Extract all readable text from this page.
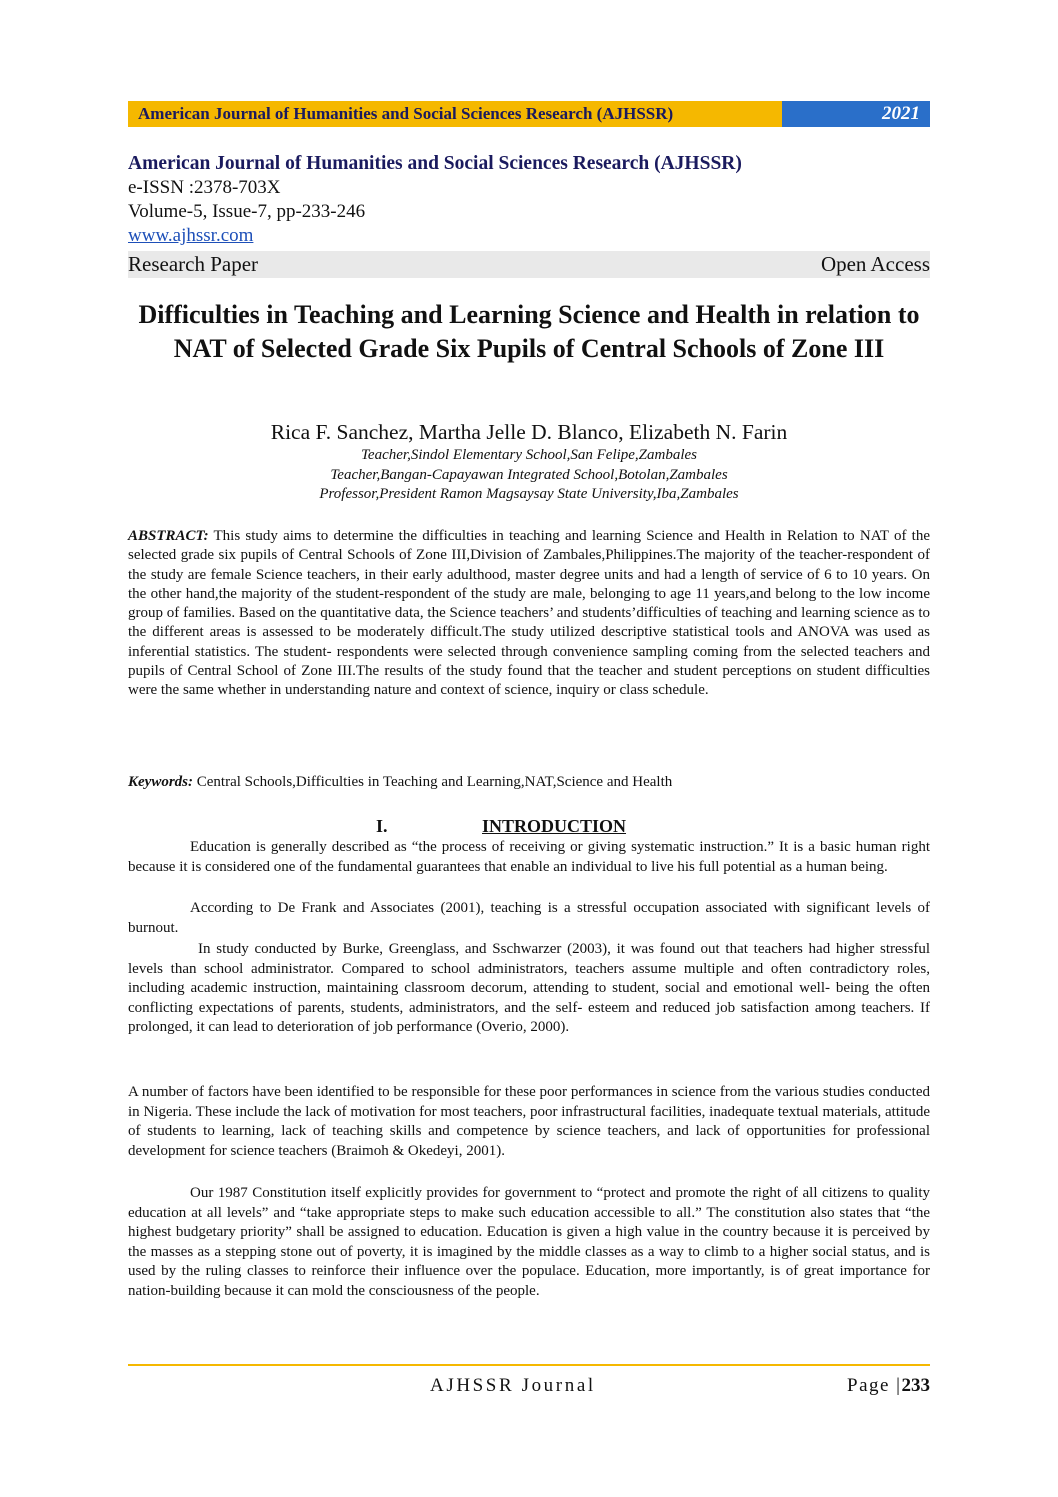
American Journal of Humanities and Social Sciences Research (AJHSSR)	2021
American Journal of Humanities and Social Sciences Research (AJHSSR)
e-ISSN :2378-703X
Volume-5, Issue-7, pp-233-246
www.ajhssr.com
Research Paper	Open Access
Difficulties in Teaching and Learning Science and Health in relation to NAT of Selected Grade Six Pupils of Central Schools of Zone III
Rica F. Sanchez, Martha Jelle D. Blanco, Elizabeth N. Farin
Teacher,Sindol Elementary School,San Felipe,Zambales
Teacher,Bangan-Capayawan Integrated School,Botolan,Zambales
Professor,President Ramon Magsaysay State University,Iba,Zambales
ABSTRACT: This study aims to determine the difficulties in teaching and learning Science and Health in Relation to NAT of the selected grade six pupils of Central Schools of Zone III,Division of Zambales,Philippines.The majority of the teacher-respondent of the study are female Science teachers, in their early adulthood, master degree units and had a length of service of 6 to 10 years. On the other hand,the majority of the student-respondent of the study are male, belonging to age 11 years,and belong to the low income group of families. Based on the quantitative data, the Science teachers’ and students’difficulties of teaching and learning science as to the different areas is assessed to be moderately difficult.The study utilized descriptive statistical tools and ANOVA was used as inferential statistics. The student- respondents were selected through convenience sampling coming from the selected teachers and pupils of Central School of Zone III.The results of the study found that the teacher and student perceptions on student difficulties were the same whether in understanding nature and context of science, inquiry or class schedule.
Keywords: Central Schools,Difficulties in Teaching and Learning,NAT,Science and Health
I.	INTRODUCTION
Education is generally described as “the process of receiving or giving systematic instruction.” It is a basic human right because it is considered one of the fundamental guarantees that enable an individual to live his full potential as a human being.
According to De Frank and Associates (2001), teaching is a stressful occupation associated with significant levels of burnout.
In study conducted by Burke, Greenglass, and Sschwarzer (2003), it was found out that teachers had higher stressful levels than school administrator. Compared to school administrators, teachers assume multiple and often contradictory roles, including academic instruction, maintaining classroom decorum, attending to student, social and emotional well- being the often conflicting expectations of parents, students, administrators, and the self- esteem and reduced job satisfaction among teachers. If prolonged, it can lead to deterioration of job performance (Overio, 2000).
A number of factors have been identified to be responsible for these poor performances in science from the various studies conducted in Nigeria. These include the lack of motivation for most teachers, poor infrastructural facilities, inadequate textual materials, attitude of students to learning, lack of teaching skills and competence by science teachers, and lack of opportunities for professional development for science teachers (Braimoh & Okedeyi, 2001).
Our 1987 Constitution itself explicitly provides for government to “protect and promote the right of all citizens to quality education at all levels” and “take appropriate steps to make such education accessible to all.” The constitution also states that “the highest budgetary priority” shall be assigned to education. Education is given a high value in the country because it is perceived by the masses as a stepping stone out of poverty, it is imagined by the middle classes as a way to climb to a higher social status, and is used by the ruling classes to reinforce their influence over the populace. Education, more importantly, is of great importance for nation-building because it can mold the consciousness of the people.
AJHSSR Journal	Page |233
